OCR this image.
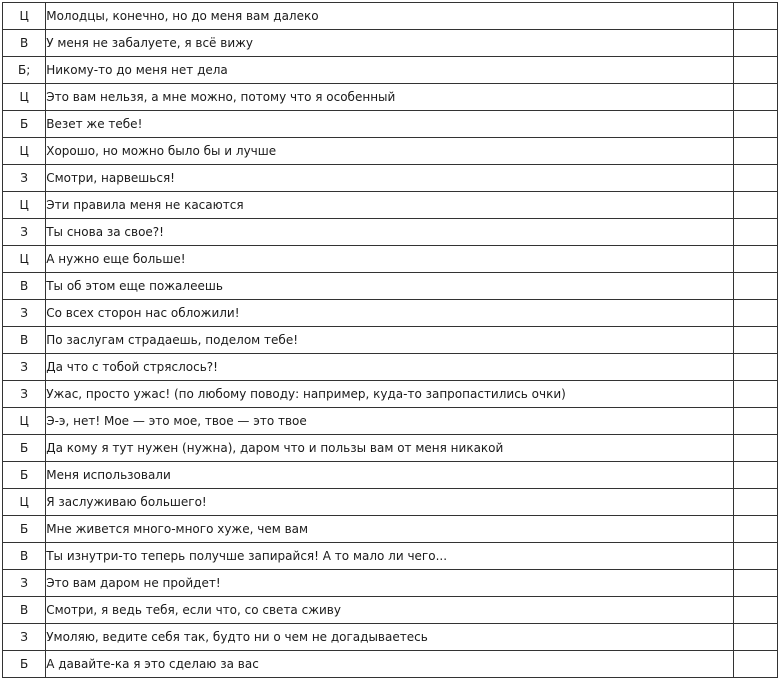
Ц	Молодцы, конечно, но до меня вам далеко	
В	У меня не забалуете, я всё вижу	
Б;	Никому-то до меня нет дела	
Ц	Это вам нельзя, а мне можно, потому что я особенный	
Б	Везет же тебе!	
Ц	Хорошо, но можно было бы и лучше	
З	Смотри, нарвешься!	
Ц	Эти правила меня не касаются	
З	Ты снова за свое?!	
Ц	А нужно еще больше!	
В	Ты об этом еще пожалеешь	
З	Со всех сторон нас обложили!	
В	По заслугам страдаешь, поделом тебе!	
З	Да что с тобой стряслось?!	
З	Ужас, просто ужас! (по любому поводу: например, куда-то запропастились очки)	
Ц	Э-э, нет! Мое — это мое, твое — это твое	
Б	Да кому я тут нужен (нужна), даром что и пользы вам от меня никакой	
Б	Меня использовали	
Ц	Я заслуживаю большего!	
Б	Мне живется много-много хуже, чем вам	
В	Ты изнутри-то теперь получше запирайся! А то мало ли чего...	
З	Это вам даром не пройдет!	
В	Смотри, я ведь тебя, если что, со света сживу	
З	Умоляю, ведите себя так, будто ни о чем не догадываетесь	
Б	А давайте-ка я это сделаю за вас	
